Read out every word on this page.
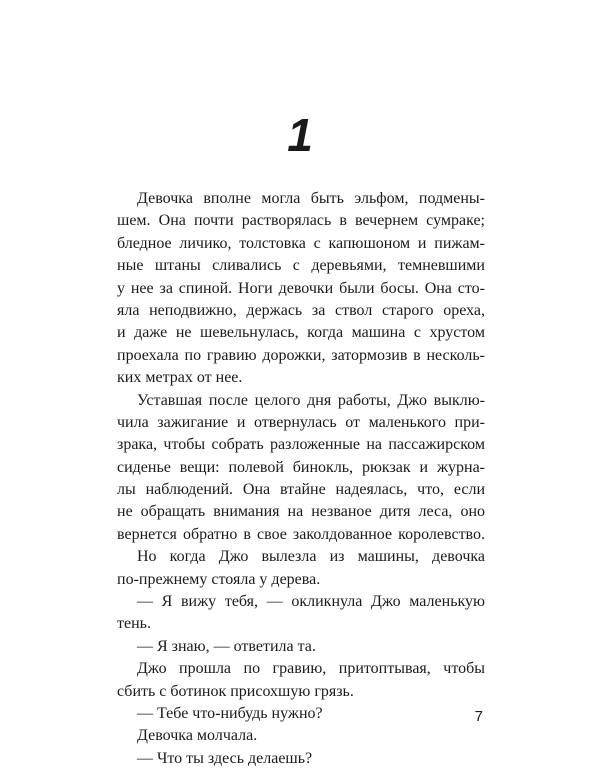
1
Девочка вполне могла быть эльфом, подмены-
шем. Она почти растворялась в вечернем сумраке;
бледное личико, толстовка с капюшоном и пижам-
ные штаны сливались с деревьями, темневшими
у нее за спиной. Ноги девочки были босы. Она сто-
яла неподвижно, держась за ствол старого ореха,
и даже не шевельнулась, когда машина с хрустом
проехала по гравию дорожки, затормозив в несколь-
ких метрах от нее.
Уставшая после целого дня работы, Джо выклю-
чила зажигание и отвернулась от маленького при-
зрака, чтобы собрать разложенные на пассажирском
сиденье вещи: полевой бинокль, рюкзак и журна-
лы наблюдений. Она втайне надеялась, что, если
не обращать внимания на незваное дитя леса, оно
вернется обратно в свое заколдованное королевство.
Но когда Джо вылезла из машины, девочка
по-прежнему стояла у дерева.
— Я вижу тебя, — окликнула Джо маленькую
тень.
— Я знаю, — ответила та.
Джо прошла по гравию, притоптывая, чтобы
сбить с ботинок присохшую грязь.
— Тебе что-нибудь нужно?
Девочка молчала.
— Что ты здесь делаешь?
7
